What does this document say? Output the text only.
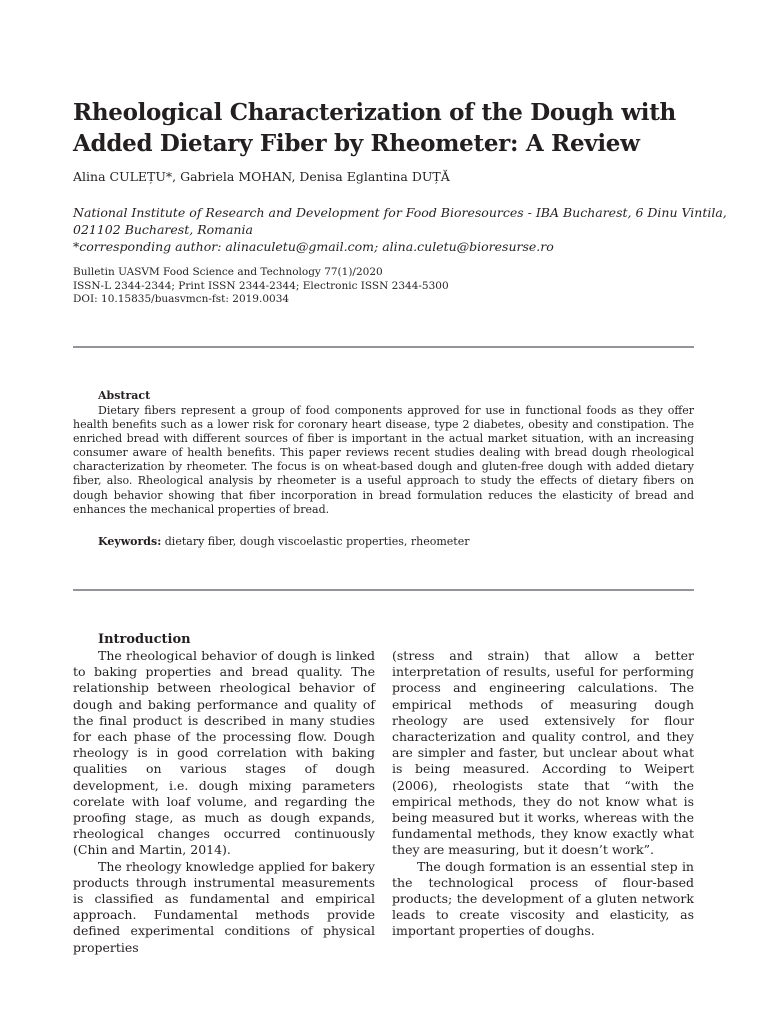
Rheological Characterization of the Dough with Added Dietary Fiber by Rheometer: A Review
Alina CULEȚU*, Gabriela MOHAN, Denisa Eglantina DUȚĂ
National Institute of Research and Development for Food Bioresources - IBA Bucharest, 6 Dinu Vintila,
021102 Bucharest, Romania
*corresponding author: alinaculetu@gmail.com; alina.culetu@bioresurse.ro
Bulletin UASVM Food Science and Technology 77(1)/2020
ISSN-L 2344-2344; Print ISSN 2344-2344; Electronic ISSN 2344-5300
DOI: 10.15835/buasvmcn-fst: 2019.0034
Abstract

Dietary fibers represent a group of food components approved for use in functional foods as they offer health benefits such as a lower risk for coronary heart disease, type 2 diabetes, obesity and constipation. The enriched bread with different sources of fiber is important in the actual market situation, with an increasing consumer aware of health benefits. This paper reviews recent studies dealing with bread dough rheological characterization by rheometer. The focus is on wheat-based dough and gluten-free dough with added dietary fiber, also. Rheological analysis by rheometer is a useful approach to study the effects of dietary fibers on dough behavior showing that fiber incorporation in bread formulation reduces the elasticity of bread and enhances the mechanical properties of bread.

Keywords: dietary fiber, dough viscoelastic properties, rheometer
Introduction

The rheological behavior of dough is linked to baking properties and bread quality. The relationship between rheological behavior of dough and baking performance and quality of the final product is described in many studies for each phase of the processing flow. Dough rheology is in good correlation with baking qualities on various stages of dough development, i.e. dough mixing parameters corelate with loaf volume, and regarding the proofing stage, as much as dough expands, rheological changes occurred continuously (Chin and Martin, 2014).

The rheology knowledge applied for bakery products through instrumental measurements is classified as fundamental and empirical approach. Fundamental methods provide defined experimental conditions of physical properties

(stress and strain) that allow a better interpretation of results, useful for performing process and engineering calculations. The empirical methods of measuring dough rheology are used extensively for flour characterization and quality control, and they are simpler and faster, but unclear about what is being measured. According to Weipert (2006), rheologists state that “with the empirical methods, they do not know what is being measured but it works, whereas with the fundamental methods, they know exactly what they are measuring, but it doesn’t work”.

The dough formation is an essential step in the technological process of flour-based products; the development of a gluten network leads to create viscosity and elasticity, as important properties of doughs.
